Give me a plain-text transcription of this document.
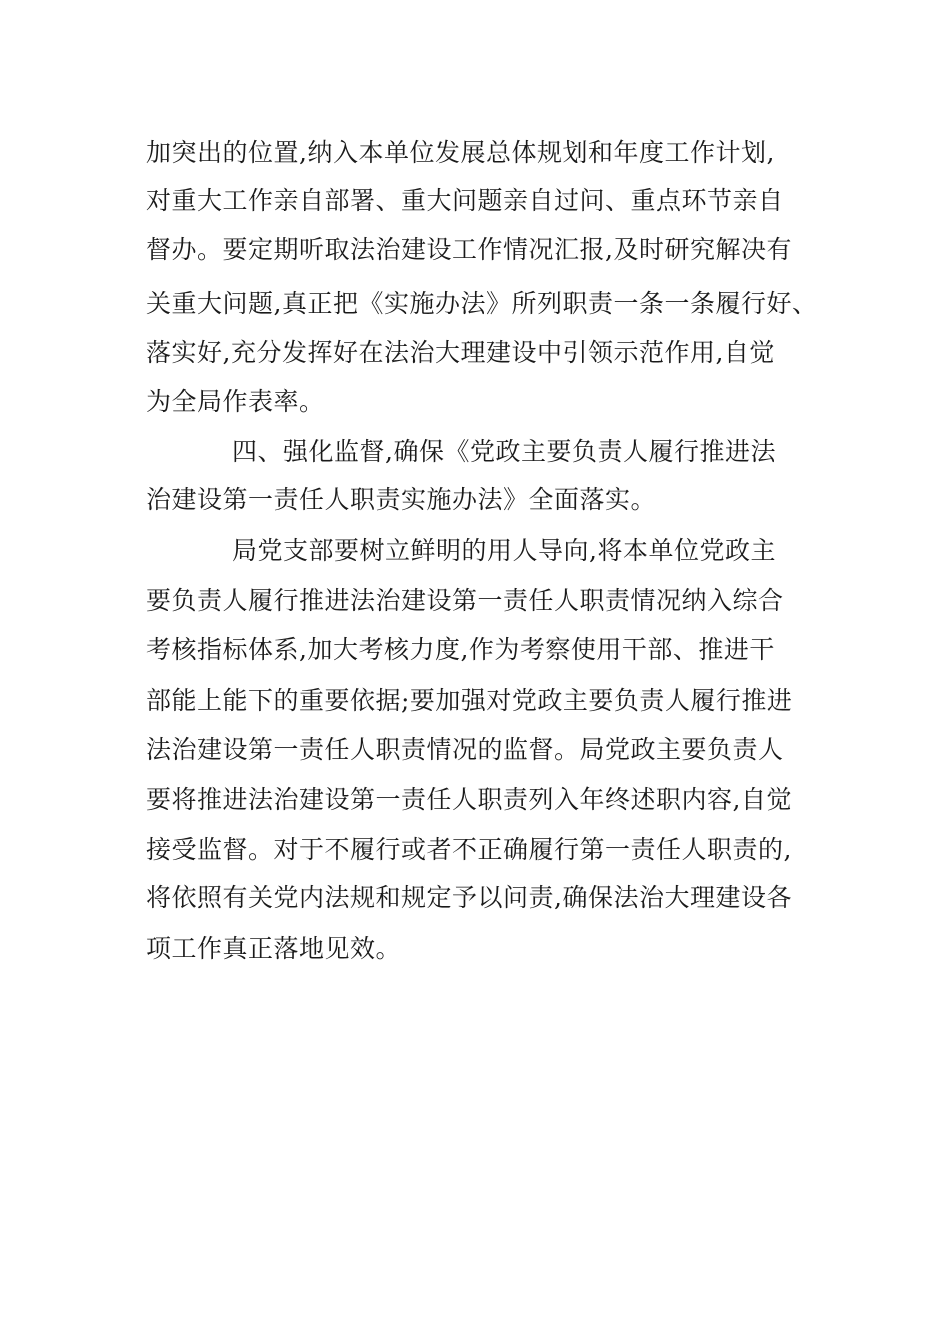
加突出的位置,纳入本单位发展总体规划和年度工作计划,
对重大工作亲自部署、重大问题亲自过问、重点环节亲自
督办。要定期听取法治建设工作情况汇报,及时研究解决有
关重大问题,真正把《实施办法》所列职责一条一条履行好、
落实好,充分发挥好在法治大理建设中引领示范作用,自觉
为全局作表率。
四、强化监督,确保《党政主要负责人履行推进法
治建设第一责任人职责实施办法》全面落实。
局党支部要树立鲜明的用人导向,将本单位党政主
要负责人履行推进法治建设第一责任人职责情况纳入综合
考核指标体系,加大考核力度,作为考察使用干部、推进干
部能上能下的重要依据;要加强对党政主要负责人履行推进
法治建设第一责任人职责情况的监督。局党政主要负责人
要将推进法治建设第一责任人职责列入年终述职内容,自觉
接受监督。对于不履行或者不正确履行第一责任人职责的,
将依照有关党内法规和规定予以问责,确保法治大理建设各
项工作真正落地见效。
